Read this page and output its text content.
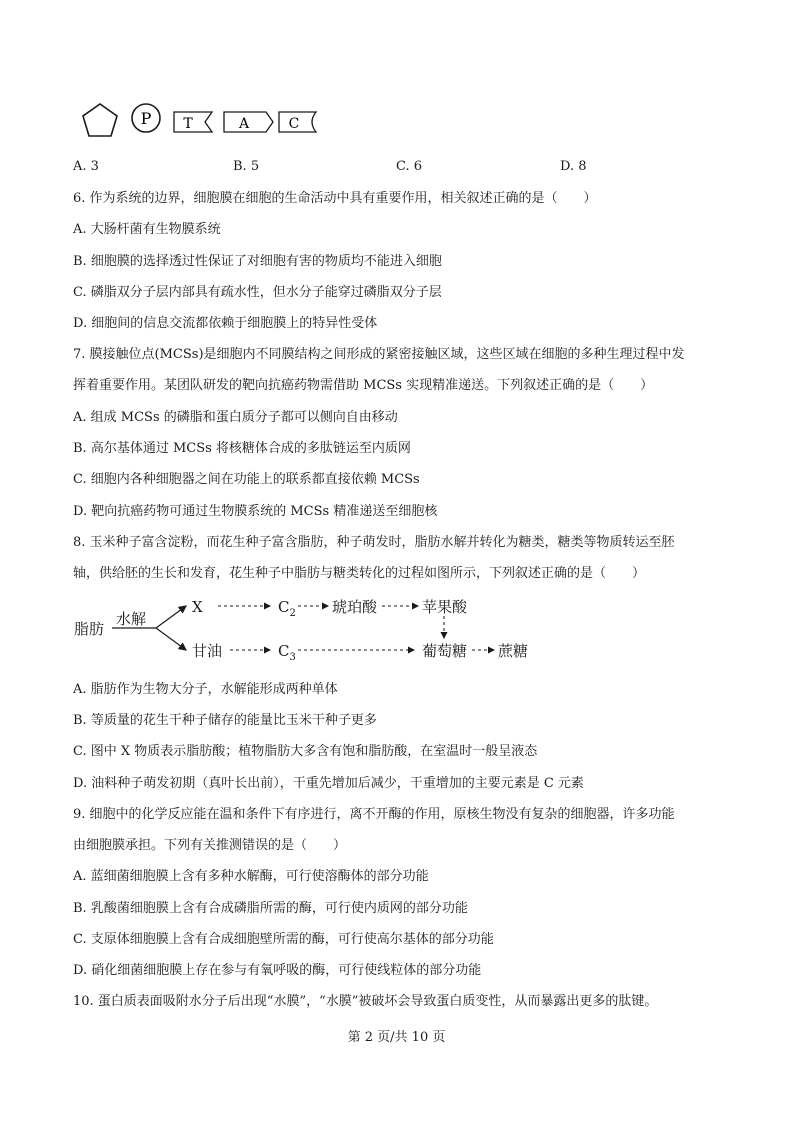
P T	A	C
A. 3	B. 5	C. 6	D. 8
6. 作为系统的边界，细胞膜在细胞的生命活动中具有重要作用，相关叙述正确的是（　　）
A. 大肠杆菌有生物膜系统
B. 细胞膜的选择透过性保证了对细胞有害的物质均不能进入细胞
C. 磷脂双分子层内部具有疏水性，但水分子能穿过磷脂双分子层
D. 细胞间的信息交流都依赖于细胞膜上的特异性受体
7. 膜接触位点(MCSs)是细胞内不同膜结构之间形成的紧密接触区域，这些区域在细胞的多种生理过程中发
挥着重要作用。某团队研发的靶向抗癌药物需借助 MCSs 实现精准递送。下列叙述正确的是（　　）
A. 组成 MCSs 的磷脂和蛋白质分子都可以侧向自由移动
B. 高尔基体通过 MCSs 将核糖体合成的多肽链运至内质网
C. 细胞内各种细胞器之间在功能上的联系都直接依赖 MCSs
D. 靶向抗癌药物可通过生物膜系统的 MCSs 精准递送至细胞核
8. 玉米种子富含淀粉，而花生种子富含脂肪，种子萌发时，脂肪水解并转化为糖类，糖类等物质转运至胚
轴，供给胚的生长和发育，花生种子中脂肪与糖类转化的过程如图所示，下列叙述正确的是（　　）
脂肪
水解
X	$C_2$ 琥珀酸	苹果酸
甘油	$C_3$	葡萄糖 蔗糖
A. 脂肪作为生物大分子，水解能形成两种单体
B. 等质量的花生干种子储存的能量比玉米干种子更多
C. 图中 X 物质表示脂肪酸；植物脂肪大多含有饱和脂肪酸，在室温时一般呈液态
D. 油料种子萌发初期（真叶长出前），干重先增加后减少，干重增加的主要元素是 C 元素
9. 细胞中的化学反应能在温和条件下有序进行，离不开酶的作用，原核生物没有复杂的细胞器，许多功能
由细胞膜承担。下列有关推测错误的是（　　）
A. 蓝细菌细胞膜上含有多种水解酶，可行使溶酶体的部分功能
B. 乳酸菌细胞膜上含有合成磷脂所需的酶，可行使内质网的部分功能
C. 支原体细胞膜上含有合成细胞壁所需的酶，可行使高尔基体的部分功能
D. 硝化细菌细胞膜上存在参与有氧呼吸的酶，可行使线粒体的部分功能
10. 蛋白质表面吸附水分子后出现“水膜”，“水膜”被破坏会导致蛋白质变性，从而暴露出更多的肽键。
第 2 页/共 10 页
